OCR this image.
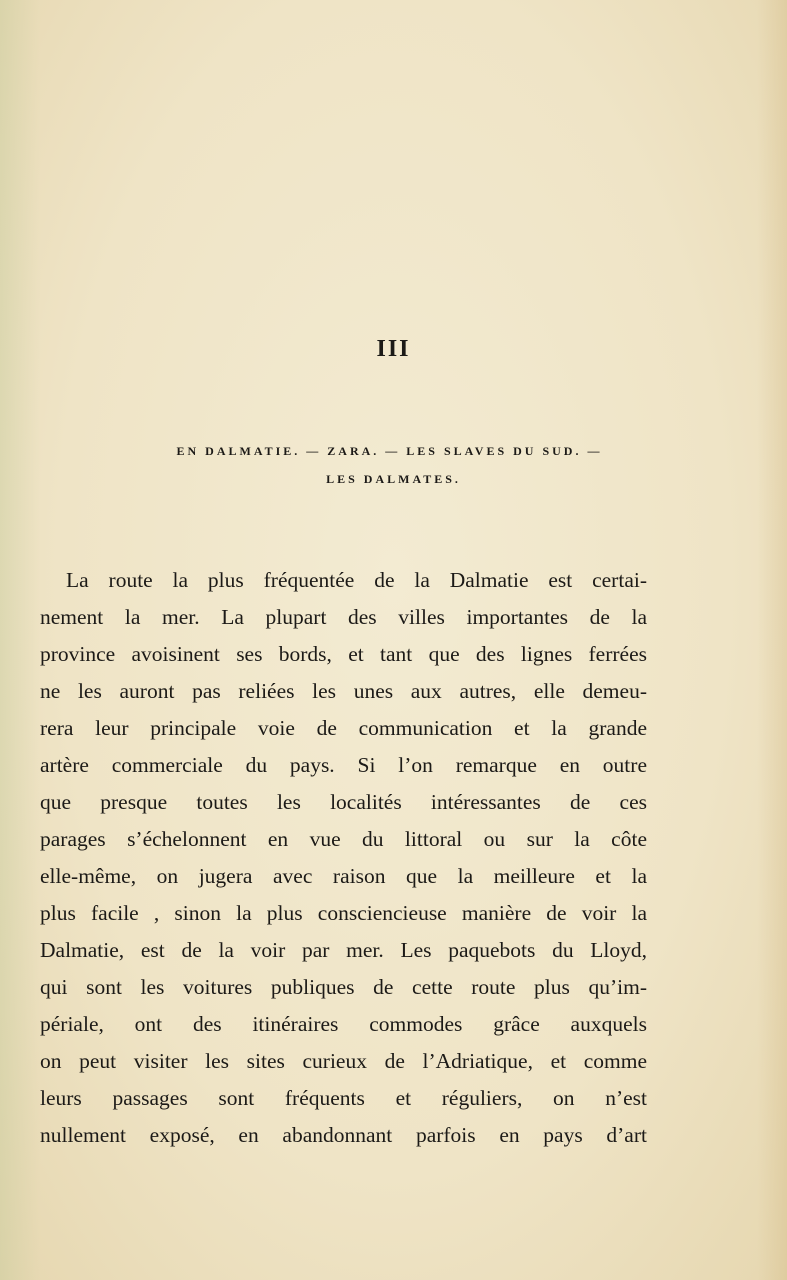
III
EN DALMATIE. — ZARA. — LES SLAVES DU SUD. —
LES DALMATES.
La route la plus fréquentée de la Dalmatie est certai-
nement la mer. La plupart des villes importantes de la
province avoisinent ses bords, et tant que des lignes ferrées
ne les auront pas reliées les unes aux autres, elle demeu-
rera leur principale voie de communication et la grande
artère commerciale du pays. Si l’on remarque en outre
que presque toutes les localités intéressantes de ces
parages s’échelonnent en vue du littoral ou sur la côte
elle-même, on jugera avec raison que la meilleure et la
plus facile , sinon la plus consciencieuse manière de voir la
Dalmatie, est de la voir par mer. Les paquebots du Lloyd,
qui sont les voitures publiques de cette route plus qu’im-
périale, ont des itinéraires commodes grâce auxquels
on peut visiter les sites curieux de l’Adriatique, et comme
leurs passages sont fréquents et réguliers, on n’est
nullement exposé, en abandonnant parfois en pays d’art
